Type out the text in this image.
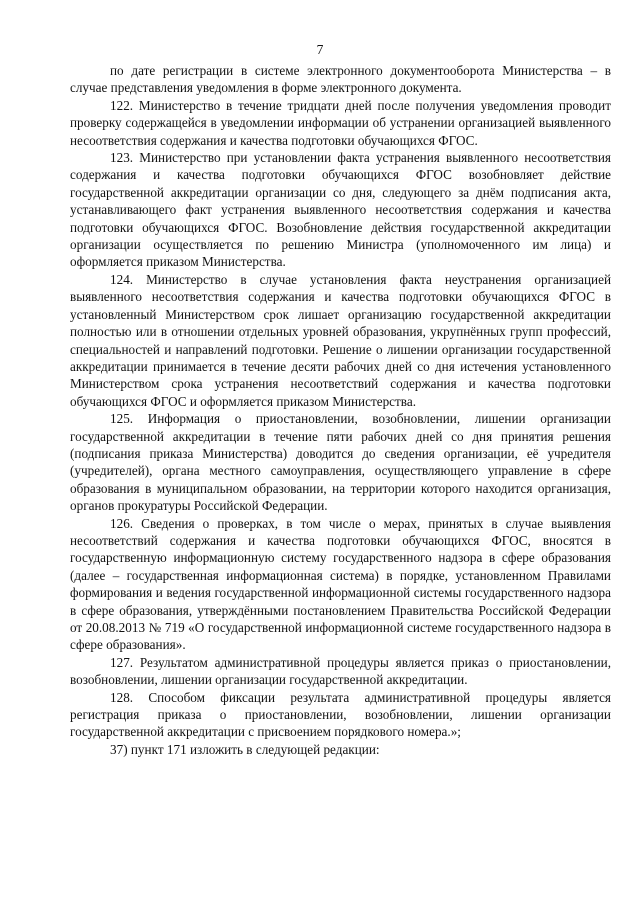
7

по дате регистрации в системе электронного документооборота Министерства – в случае представления уведомления в форме электронного документа.

122. Министерство в течение тридцати дней после получения уведомления проводит проверку содержащейся в уведомлении информации об устранении организацией выявленного несоответствия содержания и качества подготовки обучающихся ФГОС.

123. Министерство при установлении факта устранения выявленного несоответствия содержания и качества подготовки обучающихся ФГОС возобновляет действие государственной аккредитации организации со дня, следующего за днём подписания акта, устанавливающего факт устранения выявленного несоответствия содержания и качества подготовки обучающихся ФГОС. Возобновление действия государственной аккредитации организации осуществляется по решению Министра (уполномоченного им лица) и оформляется приказом Министерства.

124. Министерство в случае установления факта неустранения организацией выявленного несоответствия содержания и качества подготовки обучающихся ФГОС в установленный Министерством срок лишает организацию государственной аккредитации полностью или в отношении отдельных уровней образования, укрупнённых групп профессий, специальностей и направлений подготовки. Решение о лишении организации государственной аккредитации принимается в течение десяти рабочих дней со дня истечения установленного Министерством срока устранения несоответствий содержания и качества подготовки обучающихся ФГОС и оформляется приказом Министерства.

125. Информация о приостановлении, возобновлении, лишении организации государственной аккредитации в течение пяти рабочих дней со дня принятия решения (подписания приказа Министерства) доводится до сведения организации, её учредителя (учредителей), органа местного самоуправления, осуществляющего управление в сфере образования в муниципальном образовании, на территории которого находится организация, органов прокуратуры Российской Федерации.

126. Сведения о проверках, в том числе о мерах, принятых в случае выявления несоответствий содержания и качества подготовки обучающихся ФГОС, вносятся в государственную информационную систему государственного надзора в сфере образования (далее – государственная информационная система) в порядке, установленном Правилами формирования и ведения государственной информационной системы государственного надзора в сфере образования, утверждёнными постановлением Правительства Российской Федерации от 20.08.2013 № 719 «О государственной информационной системе государственного надзора в сфере образования».

127. Результатом административной процедуры является приказ о приостановлении, возобновлении, лишении организации государственной аккредитации.

128. Способом фиксации результата административной процедуры является регистрация приказа о приостановлении, возобновлении, лишении организации государственной аккредитации с присвоением порядкового номера.»;

37) пункт 171 изложить в следующей редакции:
